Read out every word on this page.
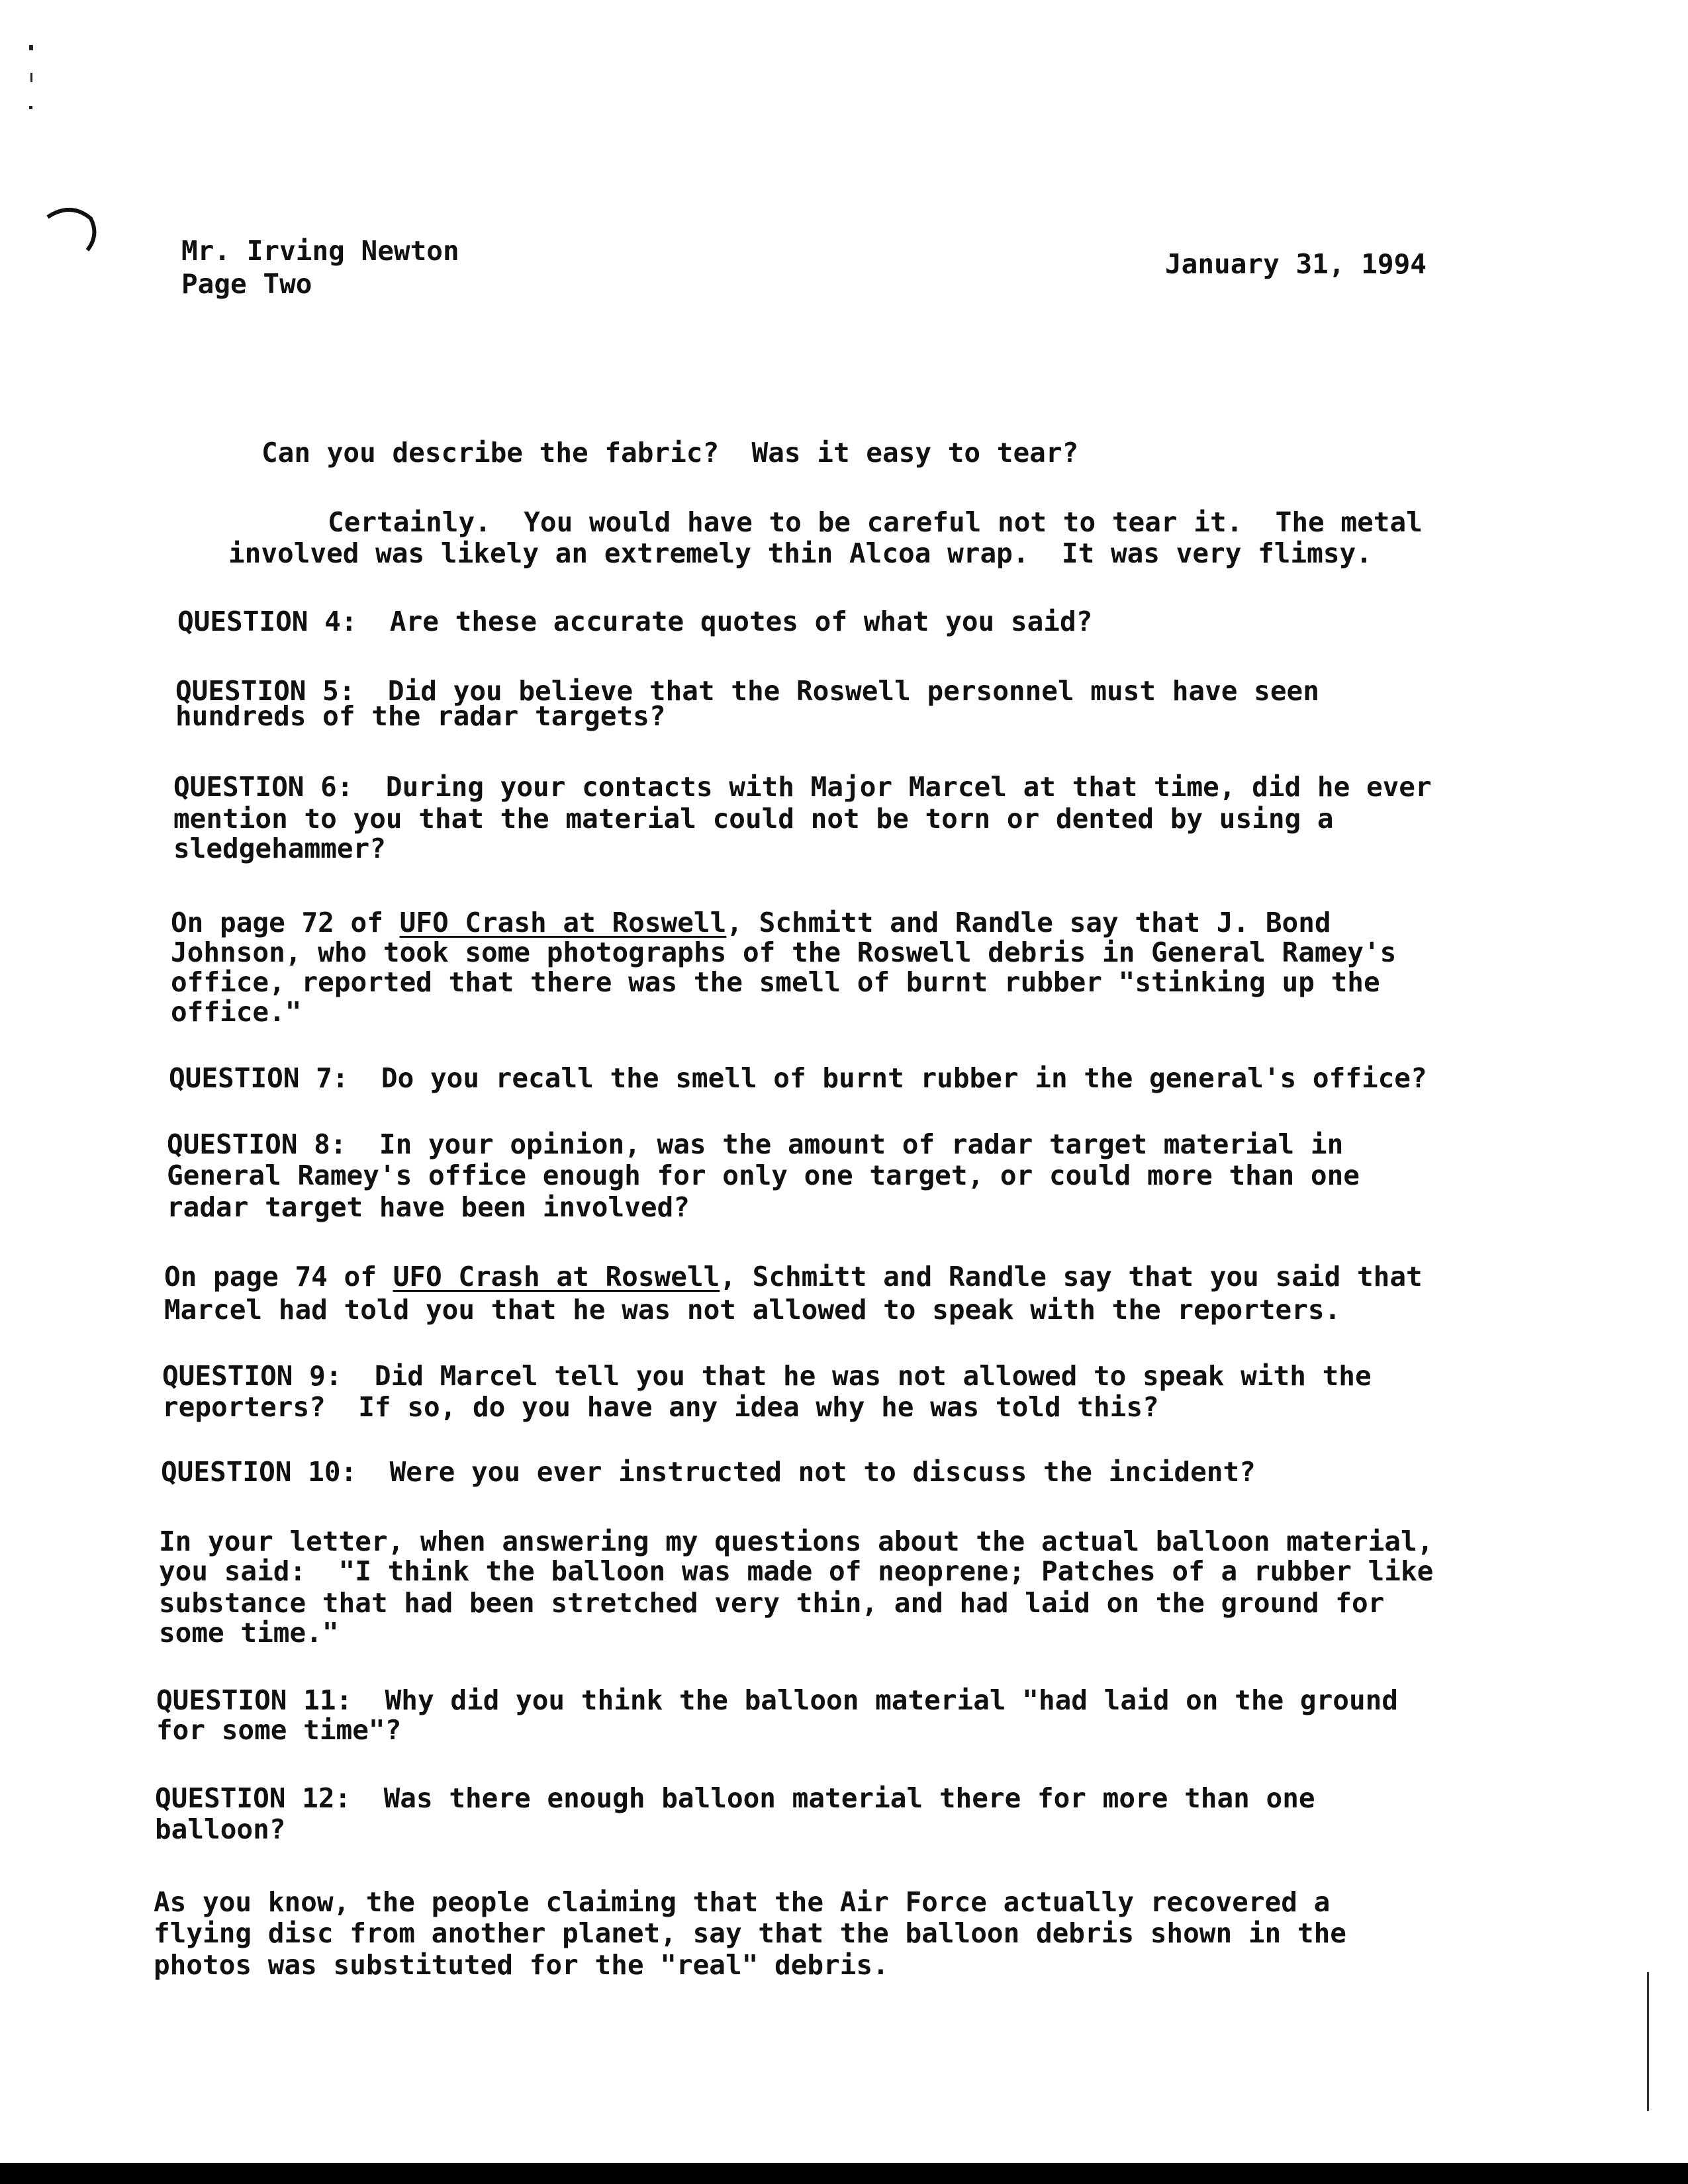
Mr. Irving Newton
Page Two
January 31, 1994
Can you describe the fabric?  Was it easy to tear?
Certainly.  You would have to be careful not to tear it.  The metal
involved was likely an extremely thin Alcoa wrap.  It was very flimsy.
QUESTION 4:  Are these accurate quotes of what you said?
QUESTION 5:  Did you believe that the Roswell personnel must have seen
hundreds of the radar targets?
QUESTION 6:  During your contacts with Major Marcel at that time, did he ever
mention to you that the material could not be torn or dented by using a
sledgehammer?
On page 72 of UFO Crash at Roswell, Schmitt and Randle say that J. Bond
Johnson, who took some photographs of the Roswell debris in General Ramey's
office, reported that there was the smell of burnt rubber "stinking up the
office."
QUESTION 7:  Do you recall the smell of burnt rubber in the general's office?
QUESTION 8:  In your opinion, was the amount of radar target material in
General Ramey's office enough for only one target, or could more than one
radar target have been involved?
On page 74 of UFO Crash at Roswell, Schmitt and Randle say that you said that
Marcel had told you that he was not allowed to speak with the reporters.
QUESTION 9:  Did Marcel tell you that he was not allowed to speak with the
reporters?  If so, do you have any idea why he was told this?
QUESTION 10:  Were you ever instructed not to discuss the incident?
In your letter, when answering my questions about the actual balloon material,
you said:  "I think the balloon was made of neoprene; Patches of a rubber like
substance that had been stretched very thin, and had laid on the ground for
some time."
QUESTION 11:  Why did you think the balloon material "had laid on the ground
for some time"?
QUESTION 12:  Was there enough balloon material there for more than one
balloon?
As you know, the people claiming that the Air Force actually recovered a
flying disc from another planet, say that the balloon debris shown in the
photos was substituted for the "real" debris.
